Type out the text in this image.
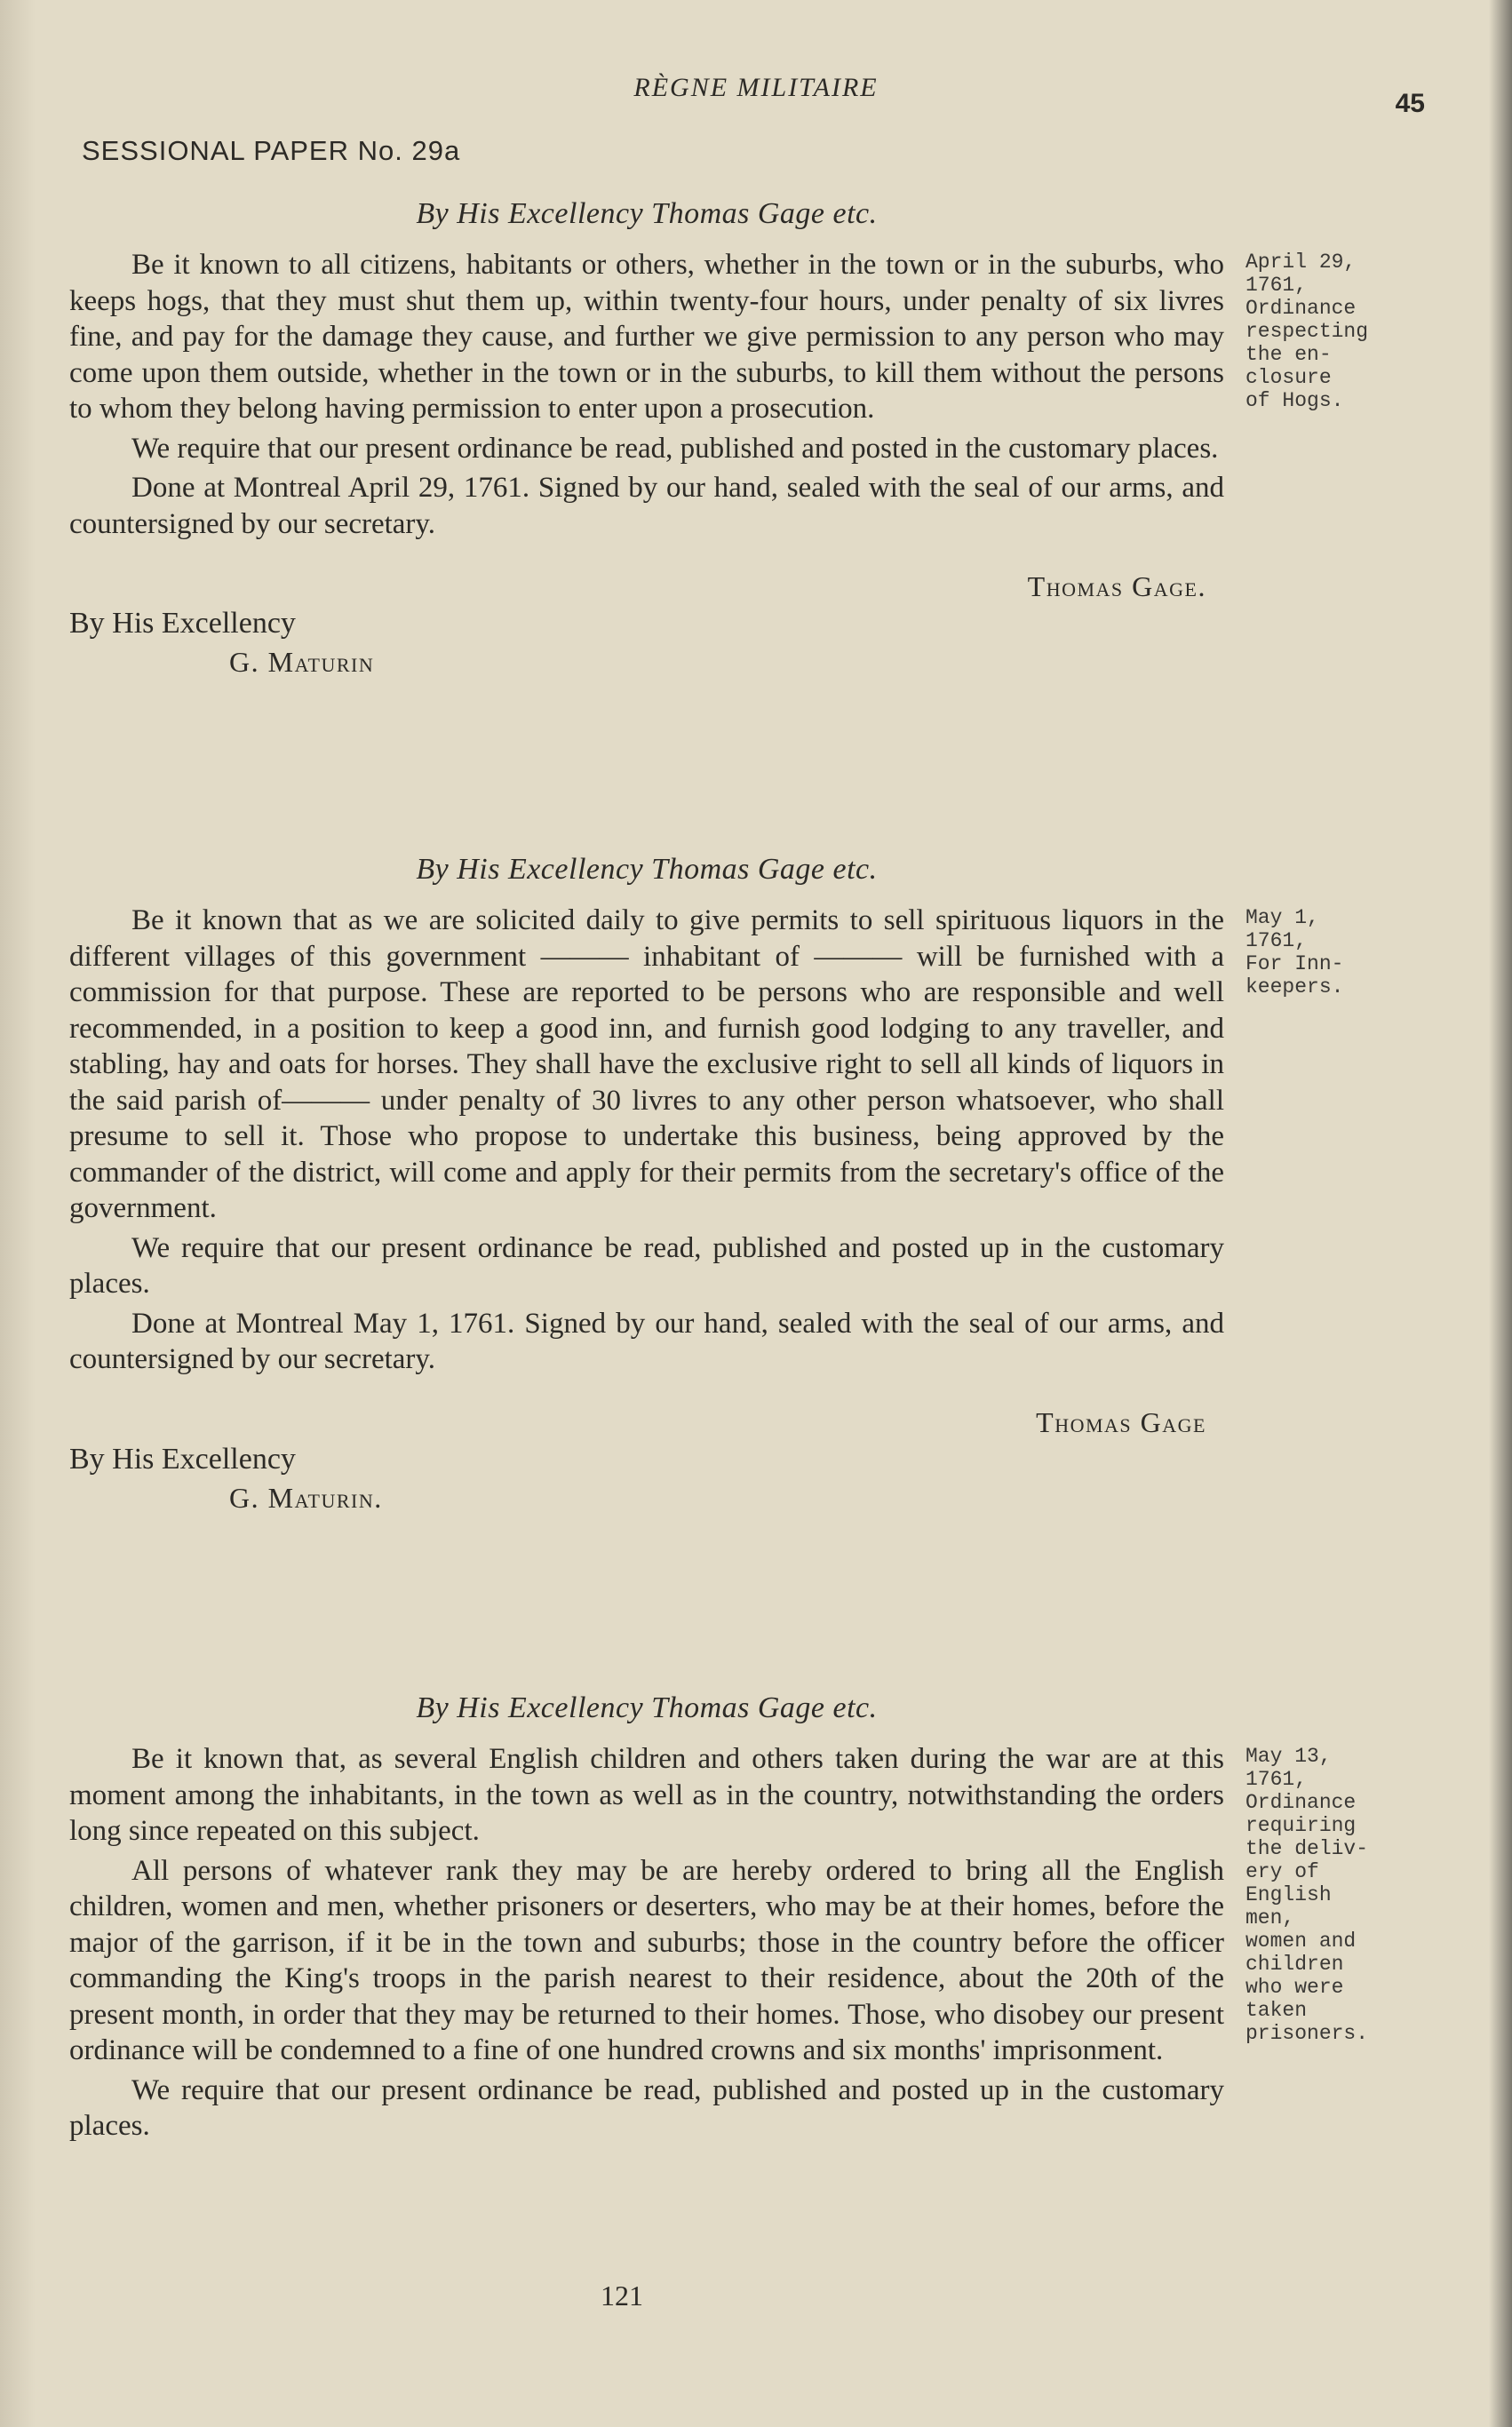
RÈGNE MILITAIRE
45
SESSIONAL PAPER No. 29a
By His Excellency Thomas Gage etc.

Be it known to all citizens, habitants or others, whether in the town or in the suburbs, who keeps hogs, that they must shut them up, within twenty-four hours, under penalty of six livres fine, and pay for the damage they cause, and further we give permission to any person who may come upon them outside, whether in the town or in the suburbs, to kill them without the persons to whom they belong having permission to enter upon a prosecution.

We require that our present ordinance be read, published and posted in the customary places.

Done at Montreal April 29, 1761. Signed by our hand, sealed with the seal of our arms, and countersigned by our secretary.

April 29,
1761,
Ordinance
respecting
the en-
closure
of Hogs.
Thomas Gage.
By His Excellency
G. Maturin
By His Excellency Thomas Gage etc.

Be it known that as we are solicited daily to give permits to sell spirituous liquors in the different villages of this government ——— inhabitant of ——— will be furnished with a commission for that purpose. These are reported to be persons who are responsible and well recommended, in a position to keep a good inn, and furnish good lodging to any traveller, and stabling, hay and oats for horses. They shall have the exclusive right to sell all kinds of liquors in the said parish of——— under penalty of 30 livres to any other person whatsoever, who shall presume to sell it. Those who propose to undertake this business, being approved by the commander of the district, will come and apply for their permits from the secretary's office of the government.

We require that our present ordinance be read, published and posted up in the customary places.

Done at Montreal May 1, 1761. Signed by our hand, sealed with the seal of our arms, and countersigned by our secretary.

May 1,
1761,
For Inn-
keepers.
Thomas Gage
By His Excellency
G. Maturin.
By His Excellency Thomas Gage etc.

Be it known that, as several English children and others taken during the war are at this moment among the inhabitants, in the town as well as in the country, notwithstanding the orders long since repeated on this subject.

All persons of whatever rank they may be are hereby ordered to bring all the English children, women and men, whether prisoners or deserters, who may be at their homes, before the major of the garrison, if it be in the town and suburbs; those in the country before the officer commanding the King's troops in the parish nearest to their residence, about the 20th of the present month, in order that they may be returned to their homes. Those, who disobey our present ordinance will be condemned to a fine of one hundred crowns and six months' imprisonment.

We require that our present ordinance be read, published and posted up in the customary places.

May 13,
1761,
Ordinance
requiring
the deliv-
ery of
English
men,
women and
children
who were
taken
prisoners.
121
